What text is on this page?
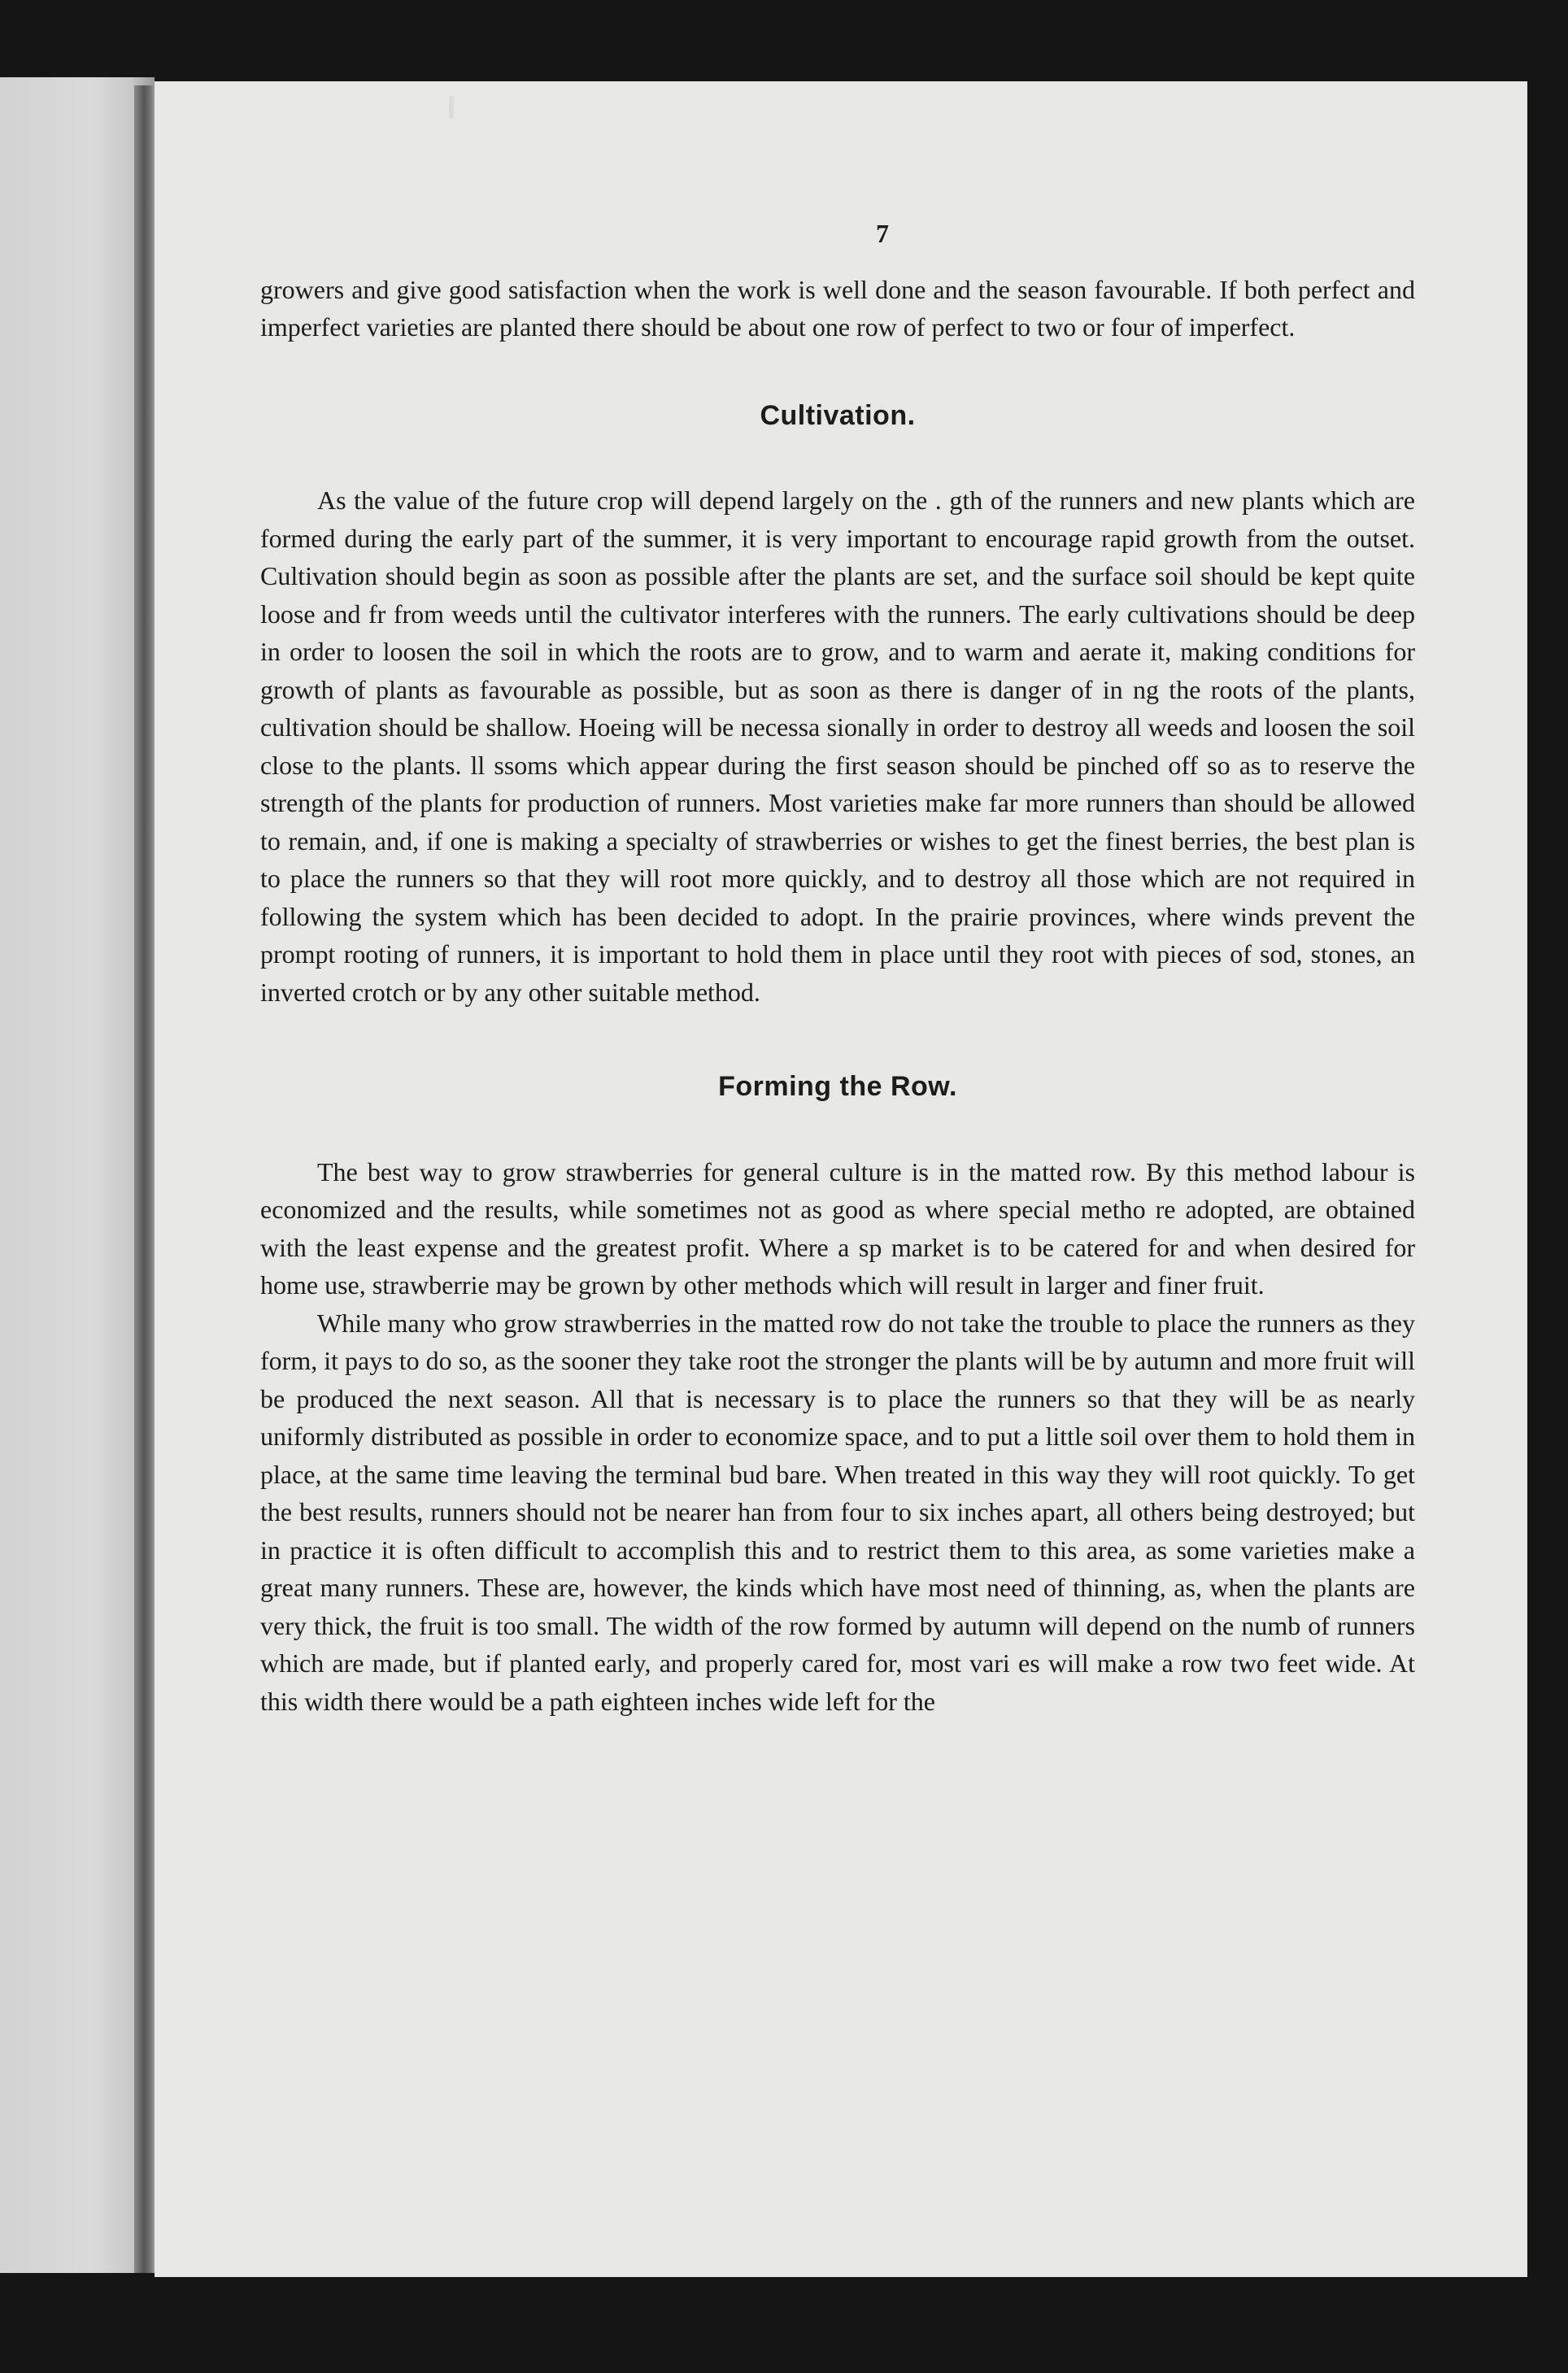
7

growers and give good satisfaction when the work is well done and the season favourable. If both perfect and imperfect varieties are planted there should be about one row of perfect to two or four of imperfect.

Cultivation.

As the value of the future crop will depend largely on the . gth of the runners and new plants which are formed during the early part of the summer, it is very important to encourage rapid growth from the outset. Cultivation should begin as soon as possible after the plants are set, and the surface soil should be kept quite loose and fr from weeds until the cultivator interferes with the runners. The early cultivations should be deep in order to loosen the soil in which the roots are to grow, and to warm and aerate it, making conditions for growth of plants as favourable as possible, but as soon as there is danger of in ng the roots of the plants, cultivation should be shallow. Hoeing will be necessa sionally in order to destroy all weeds and loosen the soil close to the plants. ll ssoms which appear during the first season should be pinched off so as to reserve the strength of the plants for production of runners. Most varieties make far more runners than should be allowed to remain, and, if one is making a specialty of strawberries or wishes to get the finest berries, the best plan is to place the runners so that they will root more quickly, and to destroy all those which are not required in following the system which has been decided to adopt. In the prairie provinces, where winds prevent the prompt rooting of runners, it is important to hold them in place until they root with pieces of sod, stones, an inverted crotch or by any other suitable method.

Forming the Row.

The best way to grow strawberries for general culture is in the matted row. By this method labour is economized and the results, while sometimes not as good as where special metho re adopted, are obtained with the least expense and the greatest profit. Where a sp market is to be catered for and when desired for home use, strawberrie may be grown by other methods which will result in larger and finer fruit.

While many who grow strawberries in the matted row do not take the trouble to place the runners as they form, it pays to do so, as the sooner they take root the stronger the plants will be by autumn and more fruit will be produced the next season. All that is necessary is to place the runners so that they will be as nearly uniformly distributed as possible in order to economize space, and to put a little soil over them to hold them in place, at the same time leaving the terminal bud bare. When treated in this way they will root quickly. To get the best results, runners should not be nearer han from four to six inches apart, all others being destroyed; but in practice it is often difficult to accomplish this and to restrict them to this area, as some varieties make a great many runners. These are, however, the kinds which have most need of thinning, as, when the plants are very thick, the fruit is too small. The width of the row formed by autumn will depend on the numb of runners which are made, but if planted early, and properly cared for, most vari es will make a row two feet wide. At this width there would be a path eighteen inches wide left for the
